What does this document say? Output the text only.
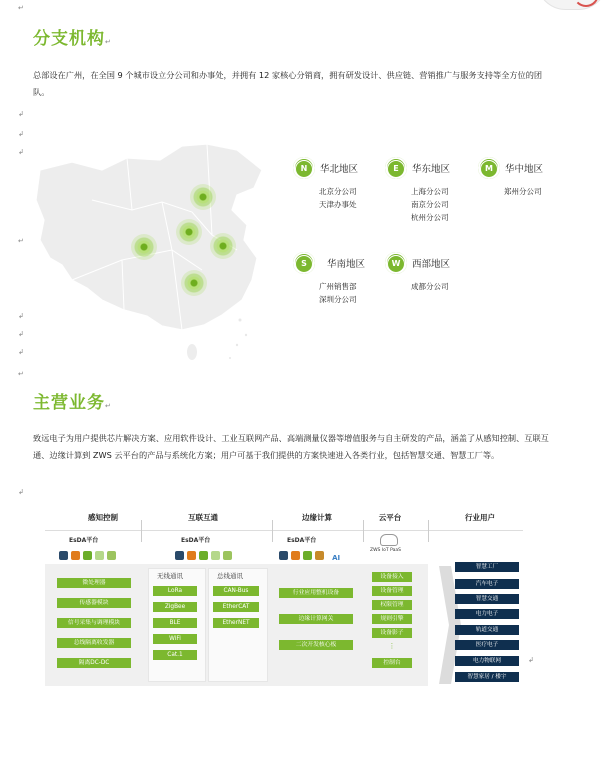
↵
↲
↲
↲
↵
↲
↲
↲
↵
↲
分支机构↵
总部设在广州，在全国 9 个城市设立分公司和办事处，并拥有 12 家核心分销商，拥有研发设计、供应链、营销推广与服务支持等全方位的团队。
N	华北地区
北京分公司
天津办事处
E	华东地区
上海分公司
南京分公司
杭州分公司
M	华中地区
郑州分公司
S	华南地区
广州销售部
深圳分公司
W	西部地区
成都分公司
主营业务↵
致远电子为用户提供芯片解决方案、应用软件设计、工业互联网产品、高端测量仪器等增值服务与自主研发的产品，涵盖了从感知控制、互联互通、边缘计算到 ZWS 云平台的产品与系统化方案；用户可基于我们提供的方案快速进入各类行业，包括智慧交通、智慧工厂等。
感知控制	互联互通	边缘计算	云平台	行业用户
EsDA平台	EsDA平台	EsDA平台
ZWS IoT PaaS
AI
微处理器
传感器模块
信号采集与调理模块
总线隔离收发器
隔离DC-DC
无线通讯
LoRa
ZigBee
BLE
WiFi
Cat.1
总线通讯
CAN-Bus
EtherCAT
EtherNET
行业应用整机设备
边缘计算网关
二次开发核心板
设备接入
设备管理
权限管理
规则引擎
设备影子
⋮
控制台
智慧工厂
汽车电子
智慧交通
电力电子
轨道交通
医疗电子
电力物联网
智慧家居 / 楼宇
↲
